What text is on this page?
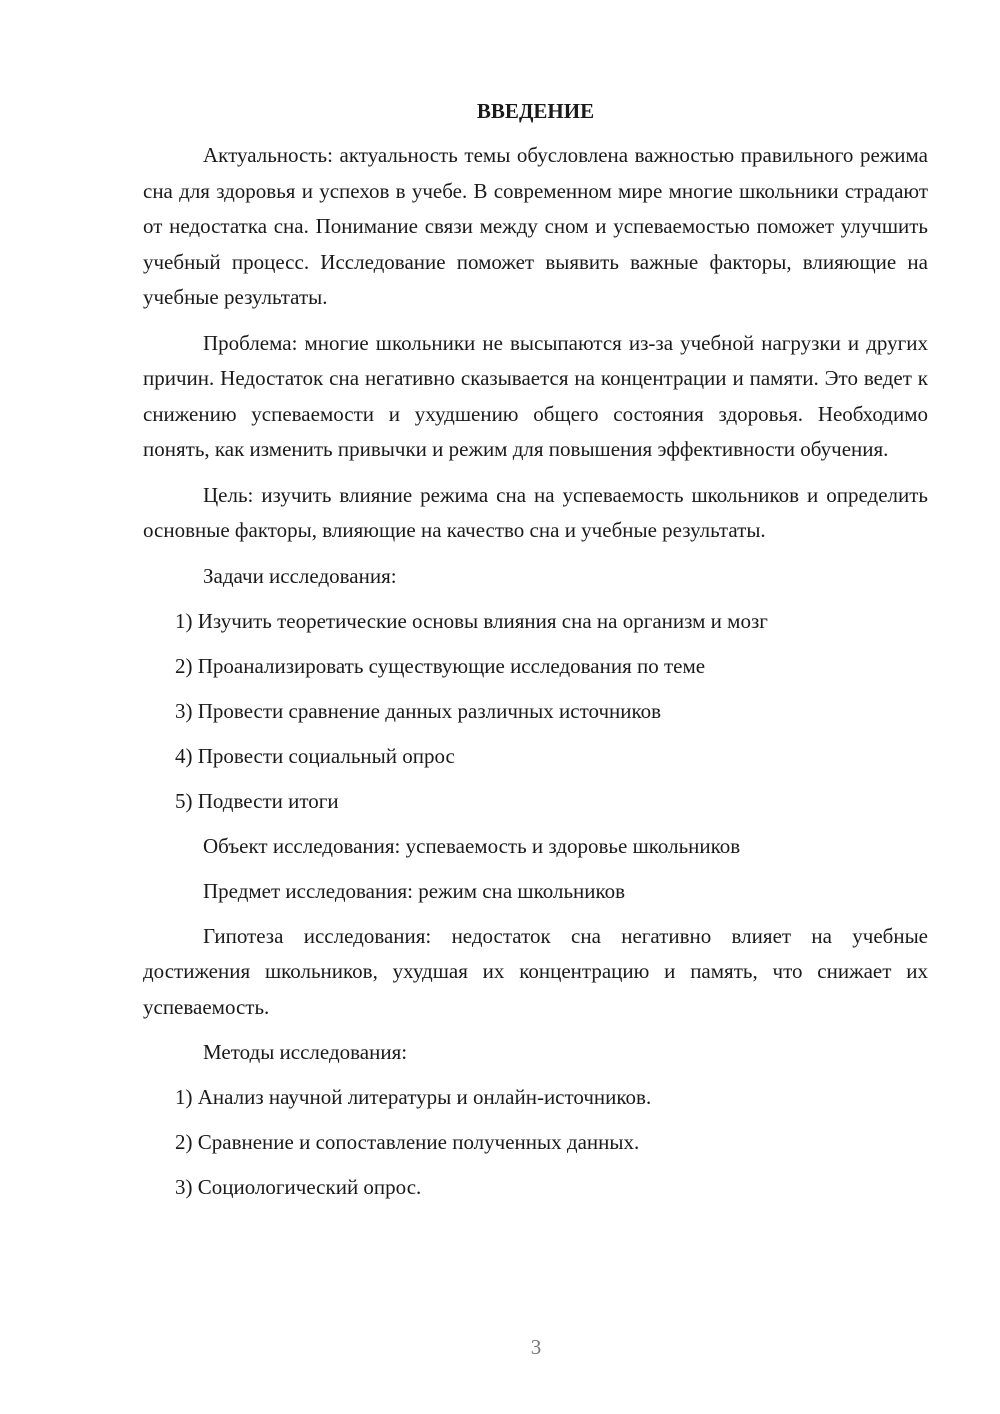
ВВЕДЕНИЕ

Актуальность: актуальность темы обусловлена важностью правильного режима сна для здоровья и успехов в учебе. В современном мире многие школьники страдают от недостатка сна. Понимание связи между сном и успеваемостью поможет улучшить учебный процесс. Исследование поможет выявить важные факторы, влияющие на учебные результаты.

Проблема: многие школьники не высыпаются из-за учебной нагрузки и других причин. Недостаток сна негативно сказывается на концентрации и памяти. Это ведет к снижению успеваемости и ухудшению общего состояния здоровья. Необходимо понять, как изменить привычки и режим для повышения эффективности обучения.

Цель: изучить влияние режима сна на успеваемость школьников и определить основные факторы, влияющие на качество сна и учебные результаты.

Задачи исследования:

1) Изучить теоретические основы влияния сна на организм и мозг
2) Проанализировать существующие исследования по теме
3) Провести сравнение данных различных источников
4) Провести социальный опрос
5) Подвести итоги

Объект исследования: успеваемость и здоровье школьников

Предмет исследования: режим сна школьников

Гипотеза исследования: недостаток сна негативно влияет на учебные достижения школьников, ухудшая их концентрацию и память, что снижает их успеваемость.

Методы исследования:

1) Анализ научной литературы и онлайн-источников.
2) Сравнение и сопоставление полученных данных.
3) Социологический опрос.
3
